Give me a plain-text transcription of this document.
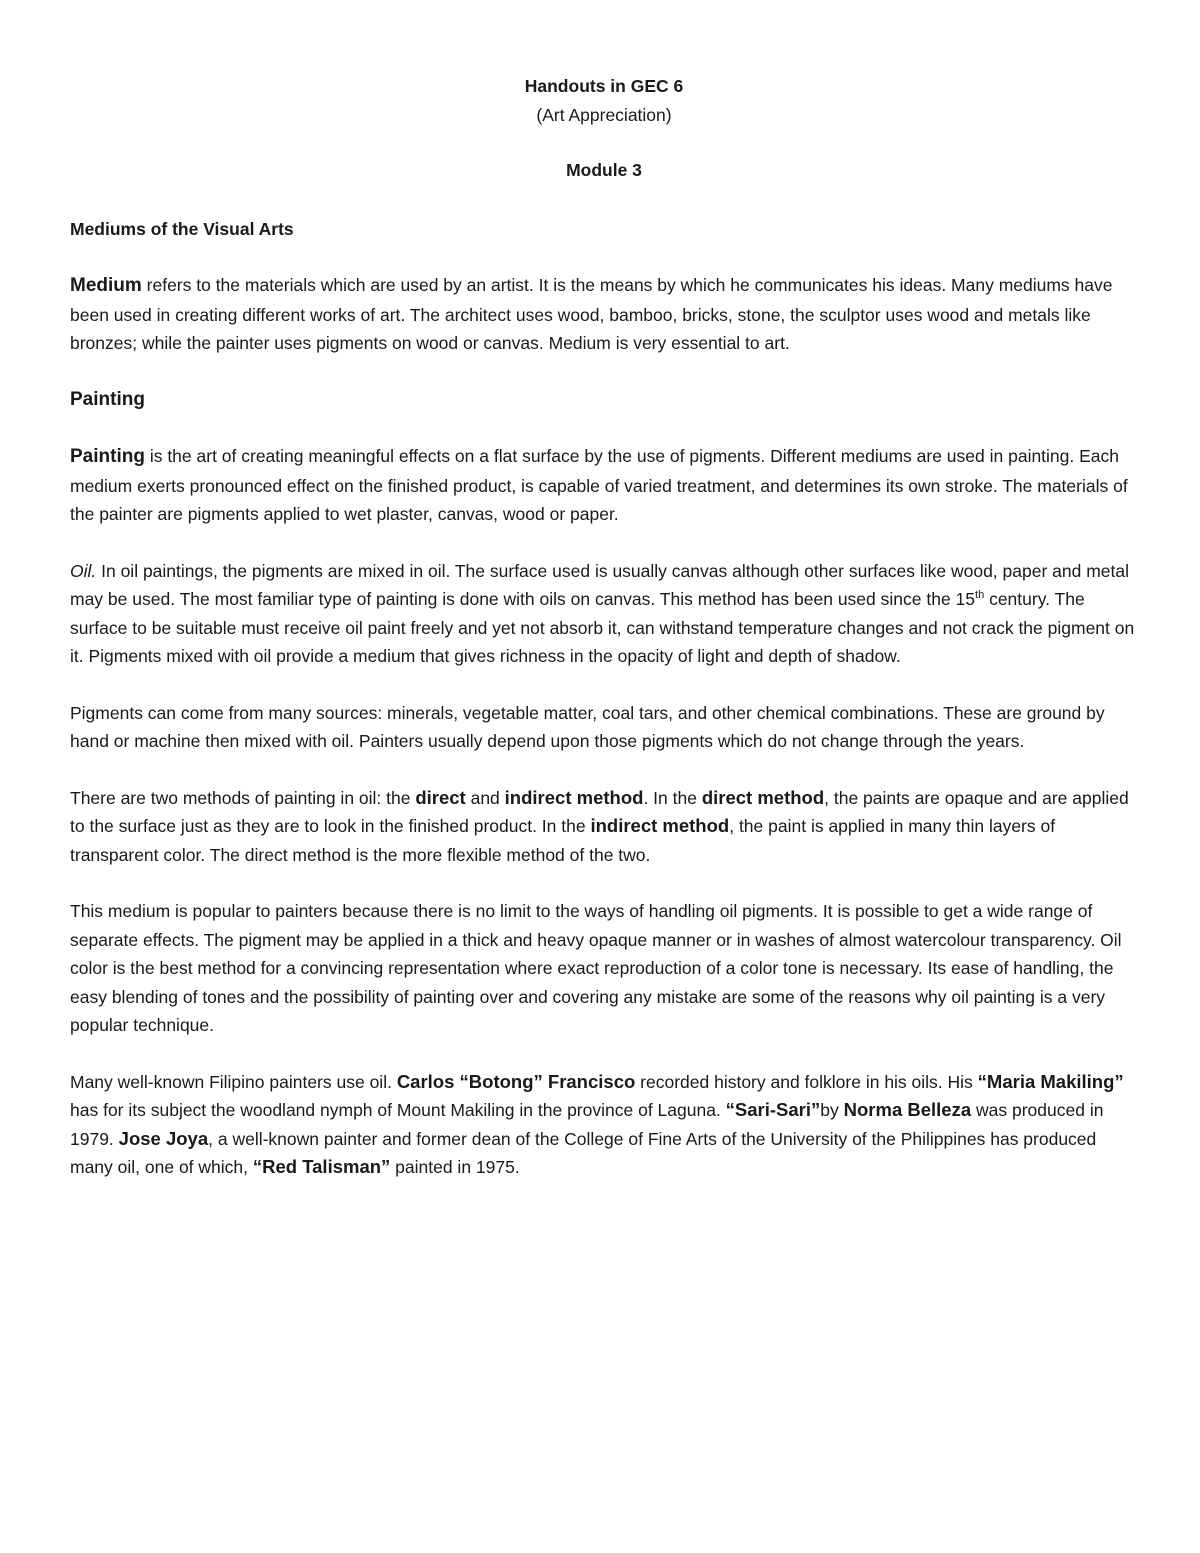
Handouts in GEC 6

(Art Appreciation)

Module 3

Mediums of the Visual Arts

Medium refers to the materials which are used by an artist. It is the means by which he communicates his ideas. Many mediums have been used in creating different works of art. The architect uses wood, bamboo, bricks, stone, the sculptor uses wood and metals like bronzes; while the painter uses pigments on wood or canvas. Medium is very essential to art.

Painting

Painting is the art of creating meaningful effects on a flat surface by the use of pigments. Different mediums are used in painting. Each medium exerts pronounced effect on the finished product, is capable of varied treatment, and determines its own stroke. The materials of the painter are pigments applied to wet plaster, canvas, wood or paper.

Oil. In oil paintings, the pigments are mixed in oil. The surface used is usually canvas although other surfaces like wood, paper and metal may be used. The most familiar type of painting is done with oils on canvas. This method has been used since the 15th century. The surface to be suitable must receive oil paint freely and yet not absorb it, can withstand temperature changes and not crack the pigment on it. Pigments mixed with oil provide a medium that gives richness in the opacity of light and depth of shadow.

Pigments can come from many sources: minerals, vegetable matter, coal tars, and other chemical combinations. These are ground by hand or machine then mixed with oil. Painters usually depend upon those pigments which do not change through the years.

There are two methods of painting in oil: the direct and indirect method. In the direct method, the paints are opaque and are applied to the surface just as they are to look in the finished product. In the indirect method, the paint is applied in many thin layers of transparent color. The direct method is the more flexible method of the two.

This medium is popular to painters because there is no limit to the ways of handling oil pigments. It is possible to get a wide range of separate effects. The pigment may be applied in a thick and heavy opaque manner or in washes of almost watercolour transparency. Oil color is the best method for a convincing representation where exact reproduction of a color tone is necessary. Its ease of handling, the easy blending of tones and the possibility of painting over and covering any mistake are some of the reasons why oil painting is a very popular technique.

Many well-known Filipino painters use oil. Carlos “Botong” Francisco recorded history and folklore in his oils. His “Maria Makiling” has for its subject the woodland nymph of Mount Makiling in the province of Laguna. “Sari-Sari”by Norma Belleza was produced in 1979. Jose Joya, a well-known painter and former dean of the College of Fine Arts of the University of the Philippines has produced many oil, one of which, “Red Talisman” painted in 1975.
